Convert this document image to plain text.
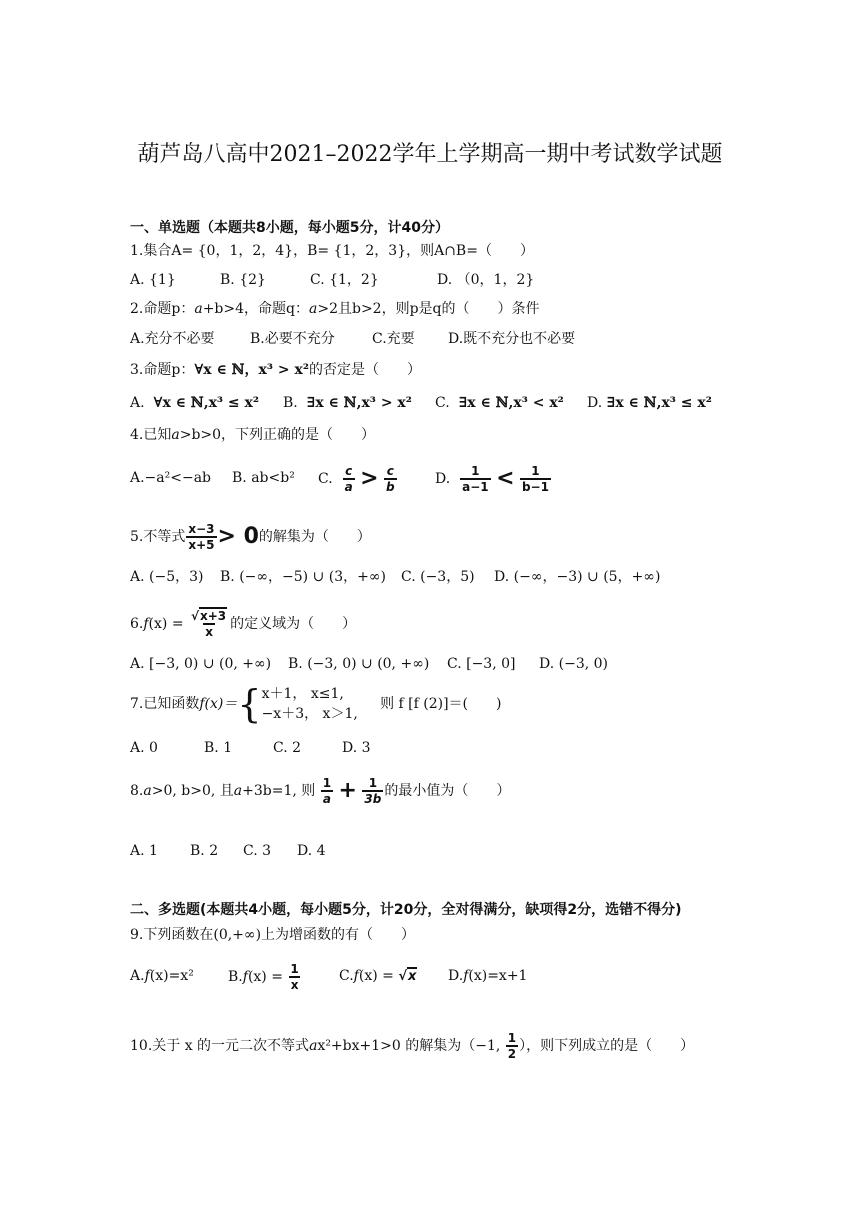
葫芦岛八高中2021–2022学年上学期高一期中考试数学试题
一、单选题（本题共8小题，每小题5分，计40分）
1.集合A= {0，1，2，4}，B= {1，2，3}，则A∩B=（　　）
A. {1}	B. {2}	C. {1，2}	D. （0，1，2}
2.命题p：a+b>4，命题q：a>2且b>2，则p是q的（　　）条件
A.充分不必要	B.必要不充分	C.充要 D.既不充分也不必要
3.命题p：∀x ∈ ℕ，x³ > x²的否定是（　　）
A. ∀x ∈ ℕ,x³ ≤ x² B. ∃x ∈ ℕ,x³ > x² C. ∃x ∈ ℕ,x³ < x² D. ∃x ∈ ℕ,x³ ≤ x²
4.已知a>b>0，下列正确的是（　　）
A.−a²<−ab B. ab<b² C. $\frac{c}{a} > \frac{c}{b}$	D. $\frac{1}{a-1} < \frac{1}{b-1}$
5.不等式 $\frac{x-3}{x+5} > 0$的解集为（　　）
A. (−5，3) B. (−∞，−5) ∪ (3，+∞) C. (−3，5) D. (−∞，−3) ∪ (5，+∞)
$6.f(x) = \frac{√x+3}{x}$ 的定义域为（　　）
A. [−3, 0) ∪ (0, +∞) B. (−3, 0) ∪ (0, +∞) C. [−3, 0] D. (−3, 0)
7.已知函数f(x)＝{ x＋1， x≤1,
−x＋3， x＞1,
则 f [f (2)]＝(　　)
A. 0	B. 1	C. 2	D. 3
8.a>0, b>0, 且a+3b=1, 则 $\frac{1}{a} + \frac{1}{3b}$ 的最小值为（　　）
A. 1 B. 2 C. 3 D. 4
二、多选题(本题共4小题，每小题5分，计20分，全对得满分，缺项得2分，选错不得分)
9.下列函数在(0,+∞)上为增函数的有（　　）
A.f(x)=x² $B.f(x) = \frac{1}{x}$	C.f(x) = √x D.f(x)=x+1
10.关于 x 的一元二次不等式ax²+bx+1>0 的解集为（−1, $\frac{1}{2}$ ），则下列成立的是（　　）
